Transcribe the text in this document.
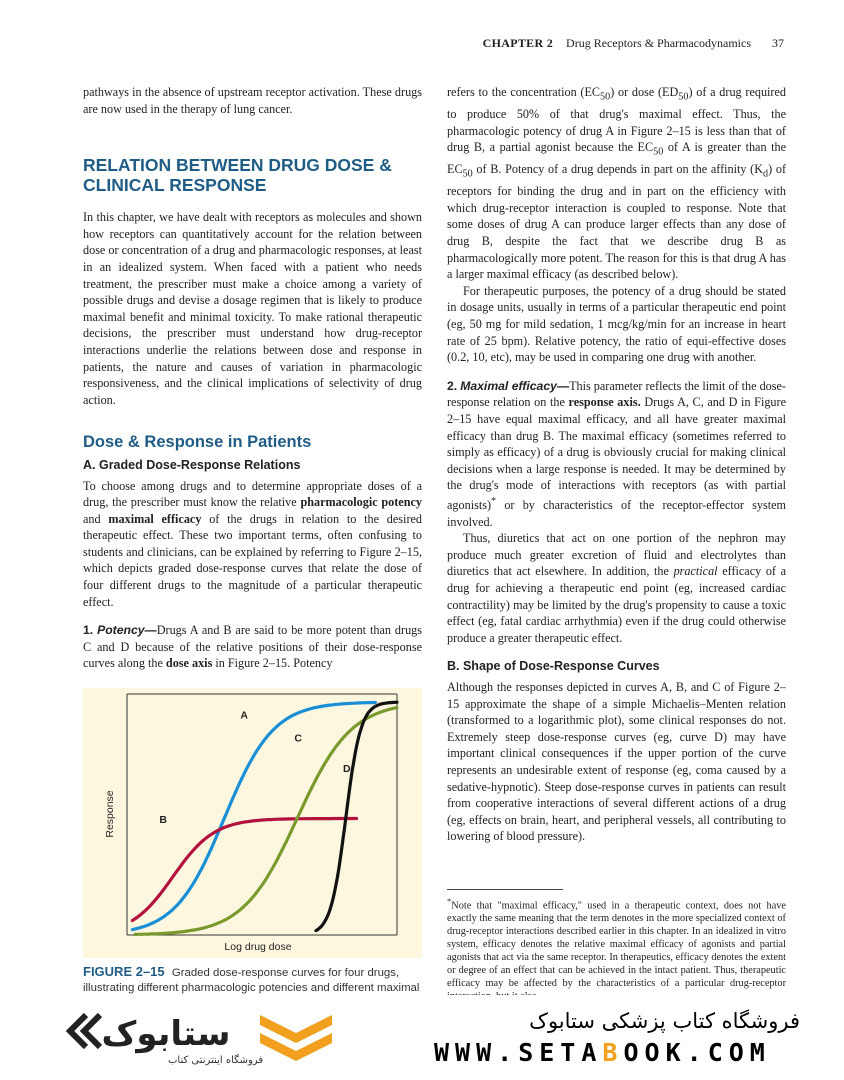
CHAPTER 2 Drug Receptors & Pharmacodynamics 37

pathways in the absence of upstream receptor activation. These drugs are now used in the therapy of lung cancer.

RELATION BETWEEN DRUG DOSE & CLINICAL RESPONSE

In this chapter, we have dealt with receptors as molecules and shown how receptors can quantitatively account for the relation between dose or concentration of a drug and pharmacologic responses, at least in an idealized system. When faced with a patient who needs treatment, the prescriber must make a choice among a variety of possible drugs and devise a dosage regimen that is likely to produce maximal benefit and minimal toxicity. To make rational therapeutic decisions, the prescriber must understand how drug-receptor interactions underlie the relations between dose and response in patients, the nature and causes of variation in pharmacologic responsiveness, and the clinical implications of selectivity of drug action.

Dose & Response in Patients
A. Graded Dose-Response Relations

To choose among drugs and to determine appropriate doses of a drug, the prescriber must know the relative pharmacologic potency and maximal efficacy of the drugs in relation to the desired therapeutic effect. These two important terms, often confusing to students and clinicians, can be explained by referring to Figure 2–15, which depicts graded dose-response curves that relate the dose of four different drugs to the magnitude of a particular therapeutic effect.

1. Potency—Drugs A and B are said to be more potent than drugs C and D because of the relative positions of their dose-response curves along the dose axis in Figure 2–15. Potency

A
B
C
D
Log drug dose
Response
FIGURE 2–15 Graded dose-response curves for four drugs, illustrating different pharmacologic potencies and different maximal

refers to the concentration $(EC_{50})$ or dose $(ED_{50})$ of a drug required to produce 50% of that drug's maximal effect. Thus, the pharmacologic potency of drug A in Figure 2–15 is less than that of drug B, a partial agonist because the $EC_{50}$ of A is greater than the $EC_{50}$ of B. Potency of a drug depends in part on the affinity $(K_d)$ of receptors for binding the drug and in part on the efficiency with which drug-receptor interaction is coupled to response. Note that some doses of drug A can produce larger effects than any dose of drug B, despite the fact that we describe drug B as pharmacologically more potent. The reason for this is that drug A has a larger maximal efficacy (as described below).

For therapeutic purposes, the potency of a drug should be stated in dosage units, usually in terms of a particular therapeutic end point (eg, 50 mg for mild sedation, 1 mcg/kg/min for an increase in heart rate of 25 bpm). Relative potency, the ratio of equi-effective doses (0.2, 10, etc), may be used in comparing one drug with another.

2. Maximal efficacy—This parameter reflects the limit of the dose-response relation on the response axis. Drugs A, C, and D in Figure 2–15 have equal maximal efficacy, and all have greater maximal efficacy than drug B. The maximal efficacy (sometimes referred to simply as efficacy) of a drug is obviously crucial for making clinical decisions when a large response is needed. It may be determined by the drug's mode of interactions with receptors (as with partial agonists)* or by characteristics of the receptor-effector system involved.

Thus, diuretics that act on one portion of the nephron may produce much greater excretion of fluid and electrolytes than diuretics that act elsewhere. In addition, the practical efficacy of a drug for achieving a therapeutic end point (eg, increased cardiac contractility) may be limited by the drug's propensity to cause a toxic effect (eg, fatal cardiac arrhythmia) even if the drug could otherwise produce a greater therapeutic effect.

B. Shape of Dose-Response Curves

Although the responses depicted in curves A, B, and C of Figure 2–15 approximate the shape of a simple Michaelis–Menten relation (transformed to a logarithmic plot), some clinical responses do not. Extremely steep dose-response curves (eg, curve D) may have important clinical consequences if the upper portion of the curve represents an undesirable extent of response (eg, coma caused by a sedative-hypnotic). Steep dose-response curves in patients can result from cooperative interactions of several different actions of a drug (eg, effects on brain, heart, and peripheral vessels, all contributing to lowering of blood pressure).

*Note that "maximal efficacy," used in a therapeutic context, does not have exactly the same meaning that the term denotes in the more specialized context of drug-receptor interactions described earlier in this chapter. In an idealized in vitro system, efficacy denotes the relative maximal efficacy of agonists and partial agonists that act via the same receptor. In therapeutics, efficacy denotes the extent or degree of an effect that can be achieved in the intact patient. Thus, therapeutic efficacy may be affected by the characteristics of a particular drug-receptor

ستابوک
فروشگاه اینترنتی کتاب
فروشگاه کتاب پزشکی ستابوک
WWW.SETABOOK.COM
